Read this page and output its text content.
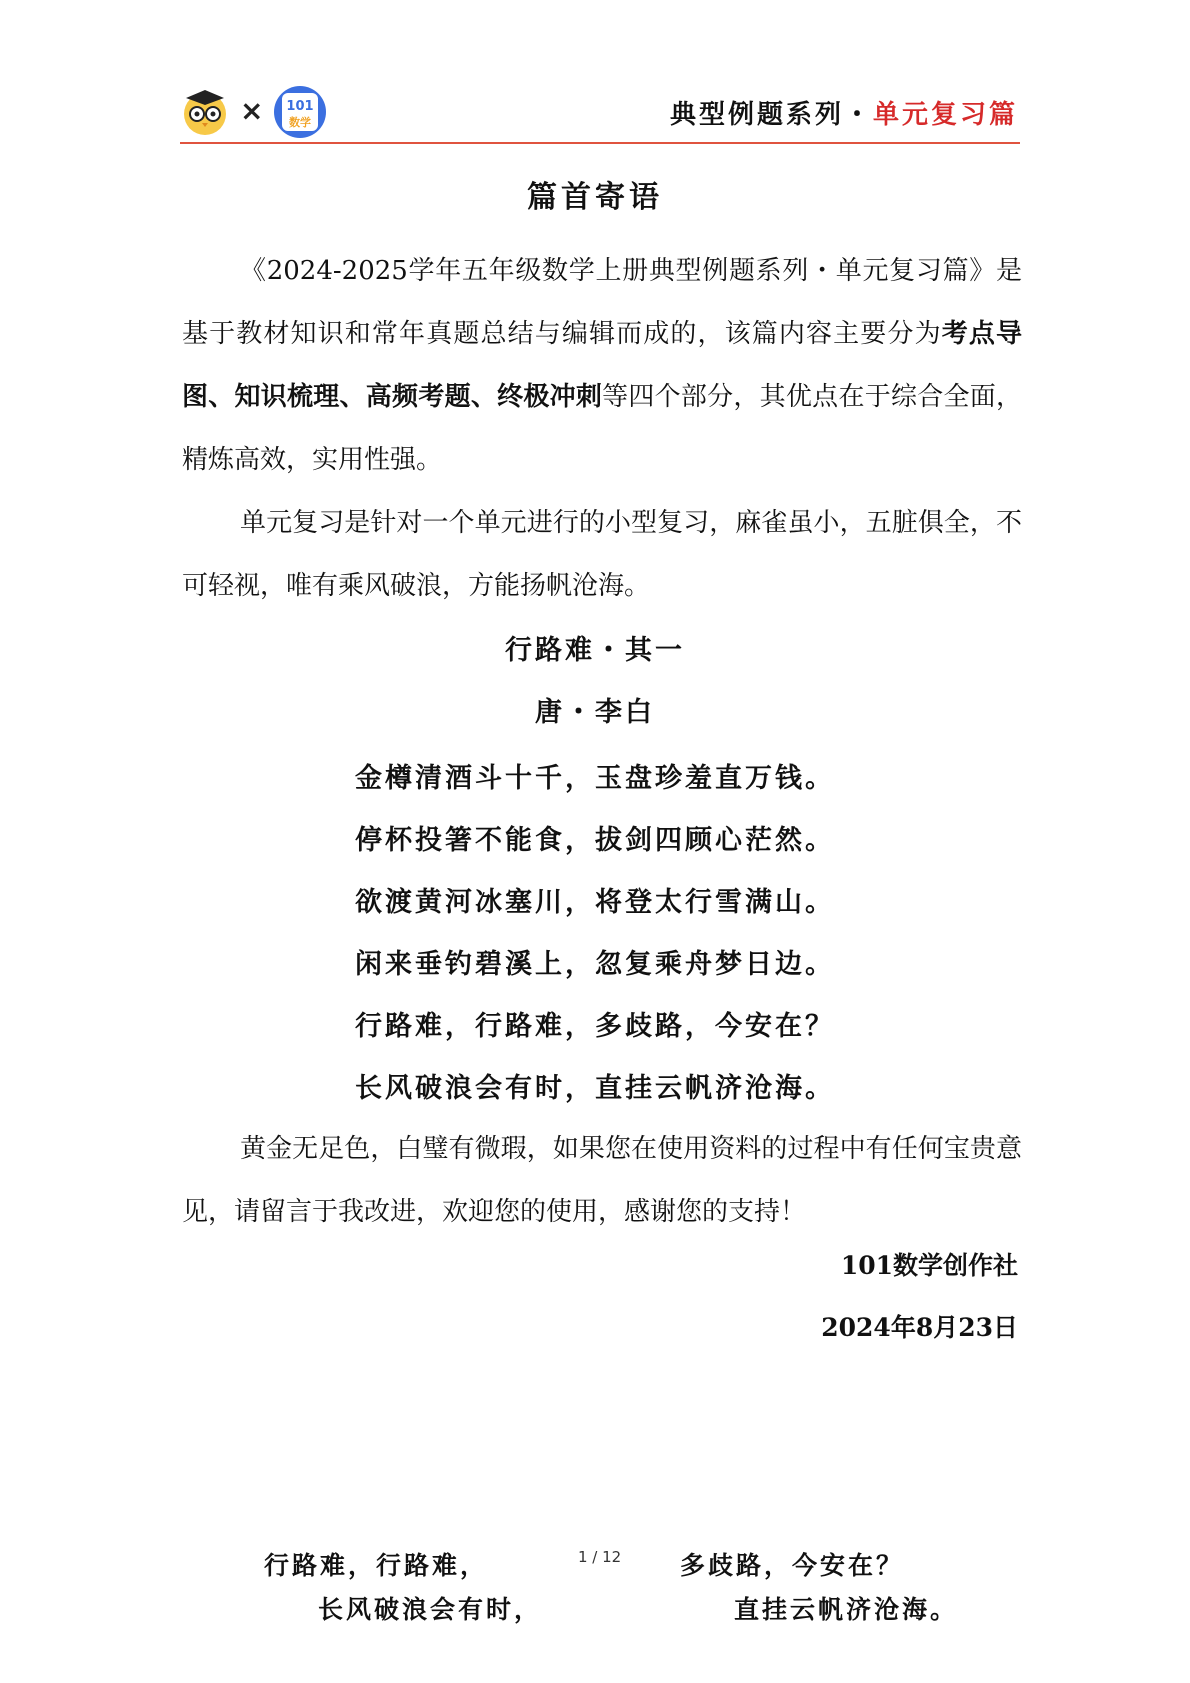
× 101
数学	典型例题系列・单元复习篇
篇首寄语
《2024-2025学年五年级数学上册典型例题系列・单元复习篇》是基于教材知识和常年真题总结与编辑而成的，该篇内容主要分为考点导图、知识梳理、高频考题、终极冲刺等四个部分，其优点在于综合全面，精炼高效，实用性强。
单元复习是针对一个单元进行的小型复习，麻雀虽小，五脏俱全，不可轻视，唯有乘风破浪，方能扬帆沧海。
行路难・其一
唐・李白
金樽清酒斗十千，玉盘珍羞直万钱。
停杯投箸不能食，拔剑四顾心茫然。
欲渡黄河冰塞川，将登太行雪满山。
闲来垂钓碧溪上，忽复乘舟梦日边。
行路难，行路难，多歧路，今安在？
长风破浪会有时，直挂云帆济沧海。
黄金无足色，白璧有微瑕，如果您在使用资料的过程中有任何宝贵意见，请留言于我改进，欢迎您的使用，感谢您的支持！
101数学创作社
2024年8月23日
行路难，行路难，
长风破浪会有时，
1 / 12 多歧路，今安在？
直挂云帆济沧海。
